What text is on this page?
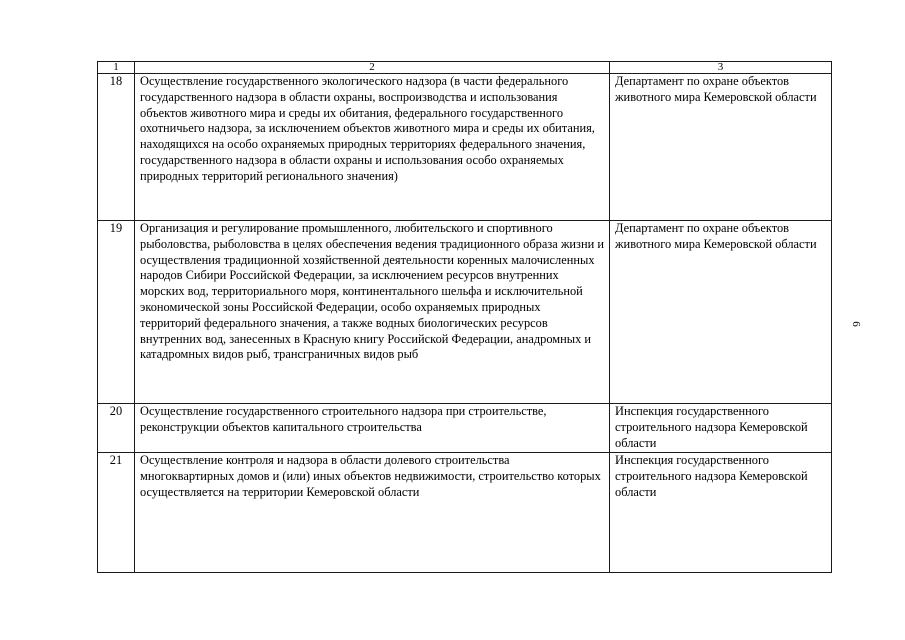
1	2	3
18	Осуществление государственного экологического надзора (в части федерального государственного надзора в области охраны, воспроизводства и использования объектов животного мира и среды их обитания, федерального государственного охотничьего надзора, за исключением объектов животного мира и среды их обитания, находящихся на особо охраняемых природных территориях федерального значения, государственного надзора в области охраны и использования особо охраняемых природных территорий регионального значения)	Департамент по охране объектов животного мира Кемеровской области
19	Организация и регулирование промышленного, любительского и спортивного рыболовства, рыболовства в целях обеспечения ведения традиционного образа жизни и осуществления традиционной хозяйственной деятельности коренных малочисленных народов Сибири Российской Федерации, за исключением ресурсов внутренних морских вод, территориального моря, континентального шельфа и исключительной экономической зоны Российской Федерации, особо охраняемых природных территорий федерального значения, а также водных биологических ресурсов внутренних вод, занесенных в Красную книгу Российской Федерации, анадромных и катадромных видов рыб, трансграничных видов рыб	Департамент по охране объектов животного мира Кемеровской области
20	Осуществление государственного строительного надзора при строительстве, реконструкции объектов капитального строительства	Инспекция государственного строительного надзора Кемеровской области
21	Осуществление контроля и надзора в области долевого строительства многоквартирных домов и (или) иных объектов недвижимости, строительство которых осуществляется на территории Кемеровской области	Инспекция государственного строительного надзора Кемеровской области
6
